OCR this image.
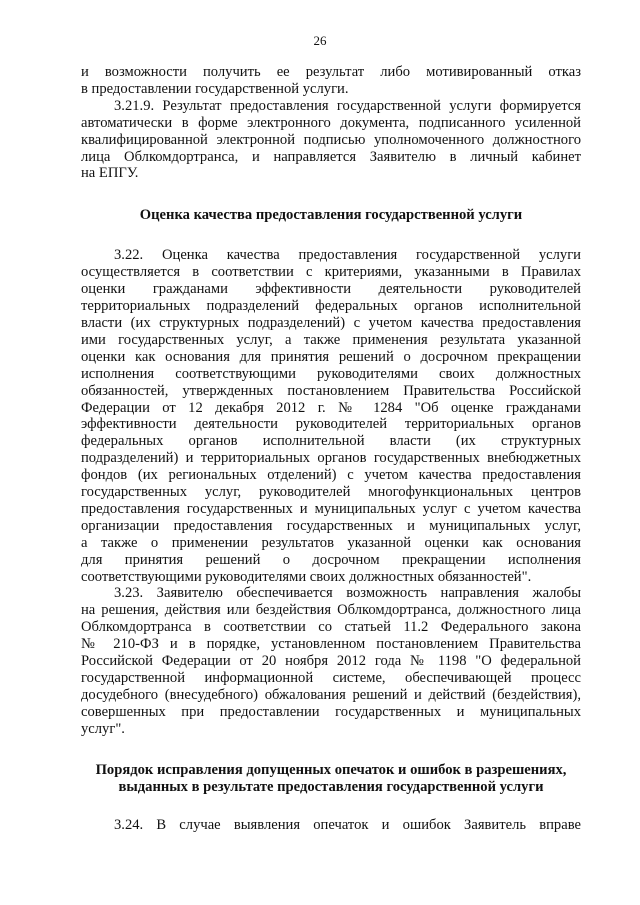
26

и возможности получить ее результат либо мотивированный отказ

в предоставлении государственной услуги.

3.21.9. Результат предоставления государственной услуги формируется

автоматически в форме электронного документа, подписанного усиленной

квалифицированной электронной подписью уполномоченного должностного

лица Облкомдортранса, и направляется Заявителю в личный кабинет

на ЕПГУ.

Оценка качества предоставления государственной услуги

3.22. Оценка качества предоставления государственной услуги

осуществляется в соответствии с критериями, указанными в Правилах

оценки гражданами эффективности деятельности руководителей

территориальных подразделений федеральных органов исполнительной

власти (их структурных подразделений) с учетом качества предоставления

ими государственных услуг, а также применения результата указанной

оценки как основания для принятия решений о досрочном прекращении

исполнения соответствующими руководителями своих должностных

обязанностей, утвержденных постановлением Правительства Российской

Федерации от 12 декабря 2012 г. № 1284 "Об оценке гражданами

эффективности деятельности руководителей территориальных органов

федеральных органов исполнительной власти (их структурных

подразделений) и территориальных органов государственных внебюджетных

фондов (их региональных отделений) с учетом качества предоставления

государственных услуг, руководителей многофункциональных центров

предоставления государственных и муниципальных услуг с учетом качества

организации предоставления государственных и муниципальных услуг,

а также о применении результатов указанной оценки как основания

для принятия решений о досрочном прекращении исполнения

соответствующими руководителями своих должностных обязанностей".

3.23. Заявителю обеспечивается возможность направления жалобы

на решения, действия или бездействия Облкомдортранса, должностного лица

Облкомдортранса в соответствии со статьей 11.2 Федерального закона

№ 210-ФЗ и в порядке, установленном постановлением Правительства

Российской Федерации от 20 ноября 2012 года № 1198 "О федеральной

государственной информационной системе, обеспечивающей процесс

досудебного (внесудебного) обжалования решений и действий (бездействия),

совершенных при предоставлении государственных и муниципальных

услуг".

Порядок исправления допущенных опечаток и ошибок в разрешениях,
выданных в результате предоставления государственной услуги

3.24. В случае выявления опечаток и ошибок Заявитель вправе
